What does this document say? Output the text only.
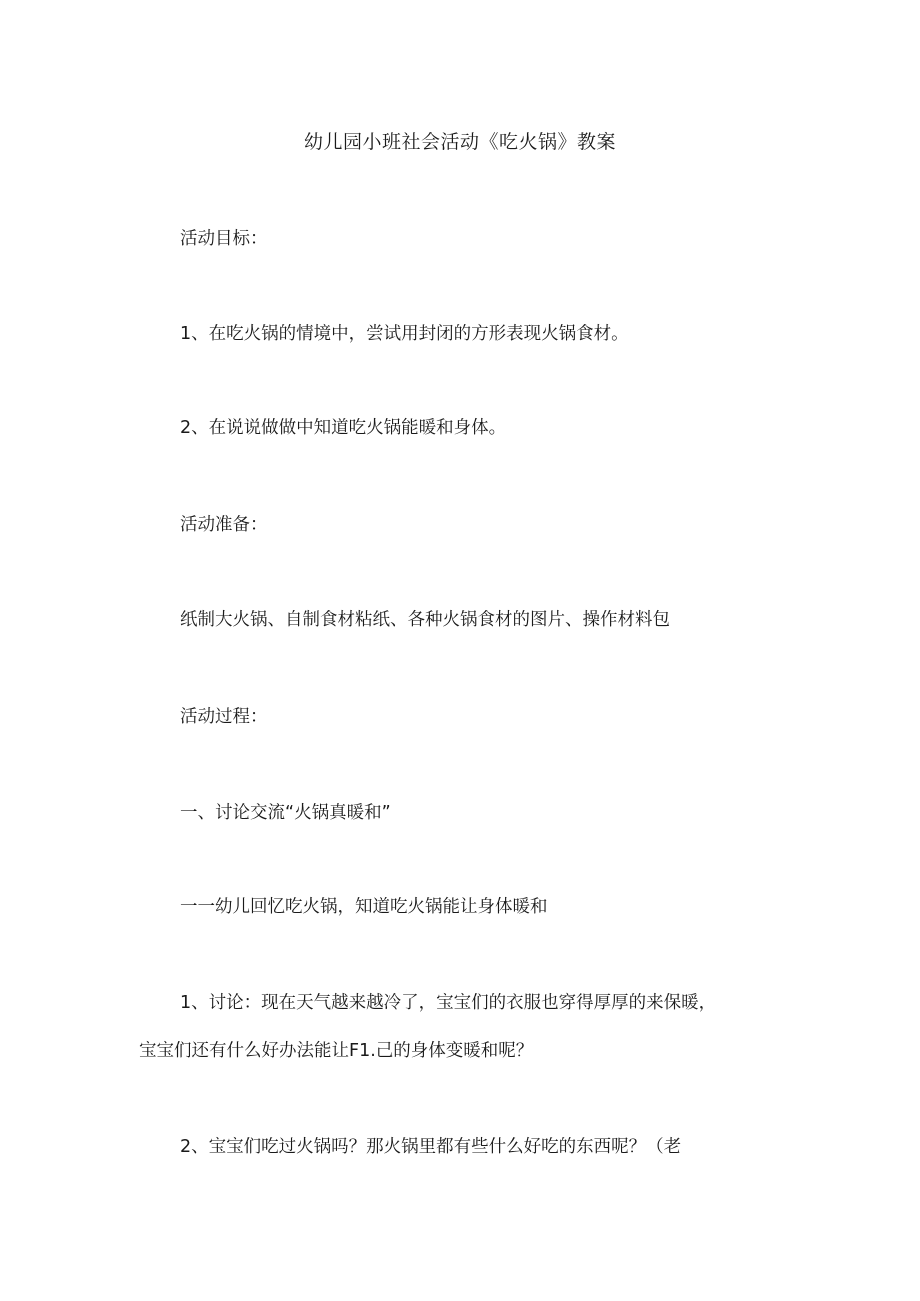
幼儿园小班社会活动《吃火锅》教案
活动目标：
1、在吃火锅的情境中，尝试用封闭的方形表现火锅食材。
2、在说说做做中知道吃火锅能暖和身体。
活动准备：
纸制大火锅、自制食材粘纸、各种火锅食材的图片、操作材料包
活动过程：
一、讨论交流“火锅真暖和”
一一幼儿回忆吃火锅，知道吃火锅能让身体暖和
1、讨论：现在天气越来越冷了，宝宝们的衣服也穿得厚厚的来保暖，
宝宝们还有什么好办法能让F1.己的身体变暖和呢？
2、宝宝们吃过火锅吗？那火锅里都有些什么好吃的东西呢？（老
